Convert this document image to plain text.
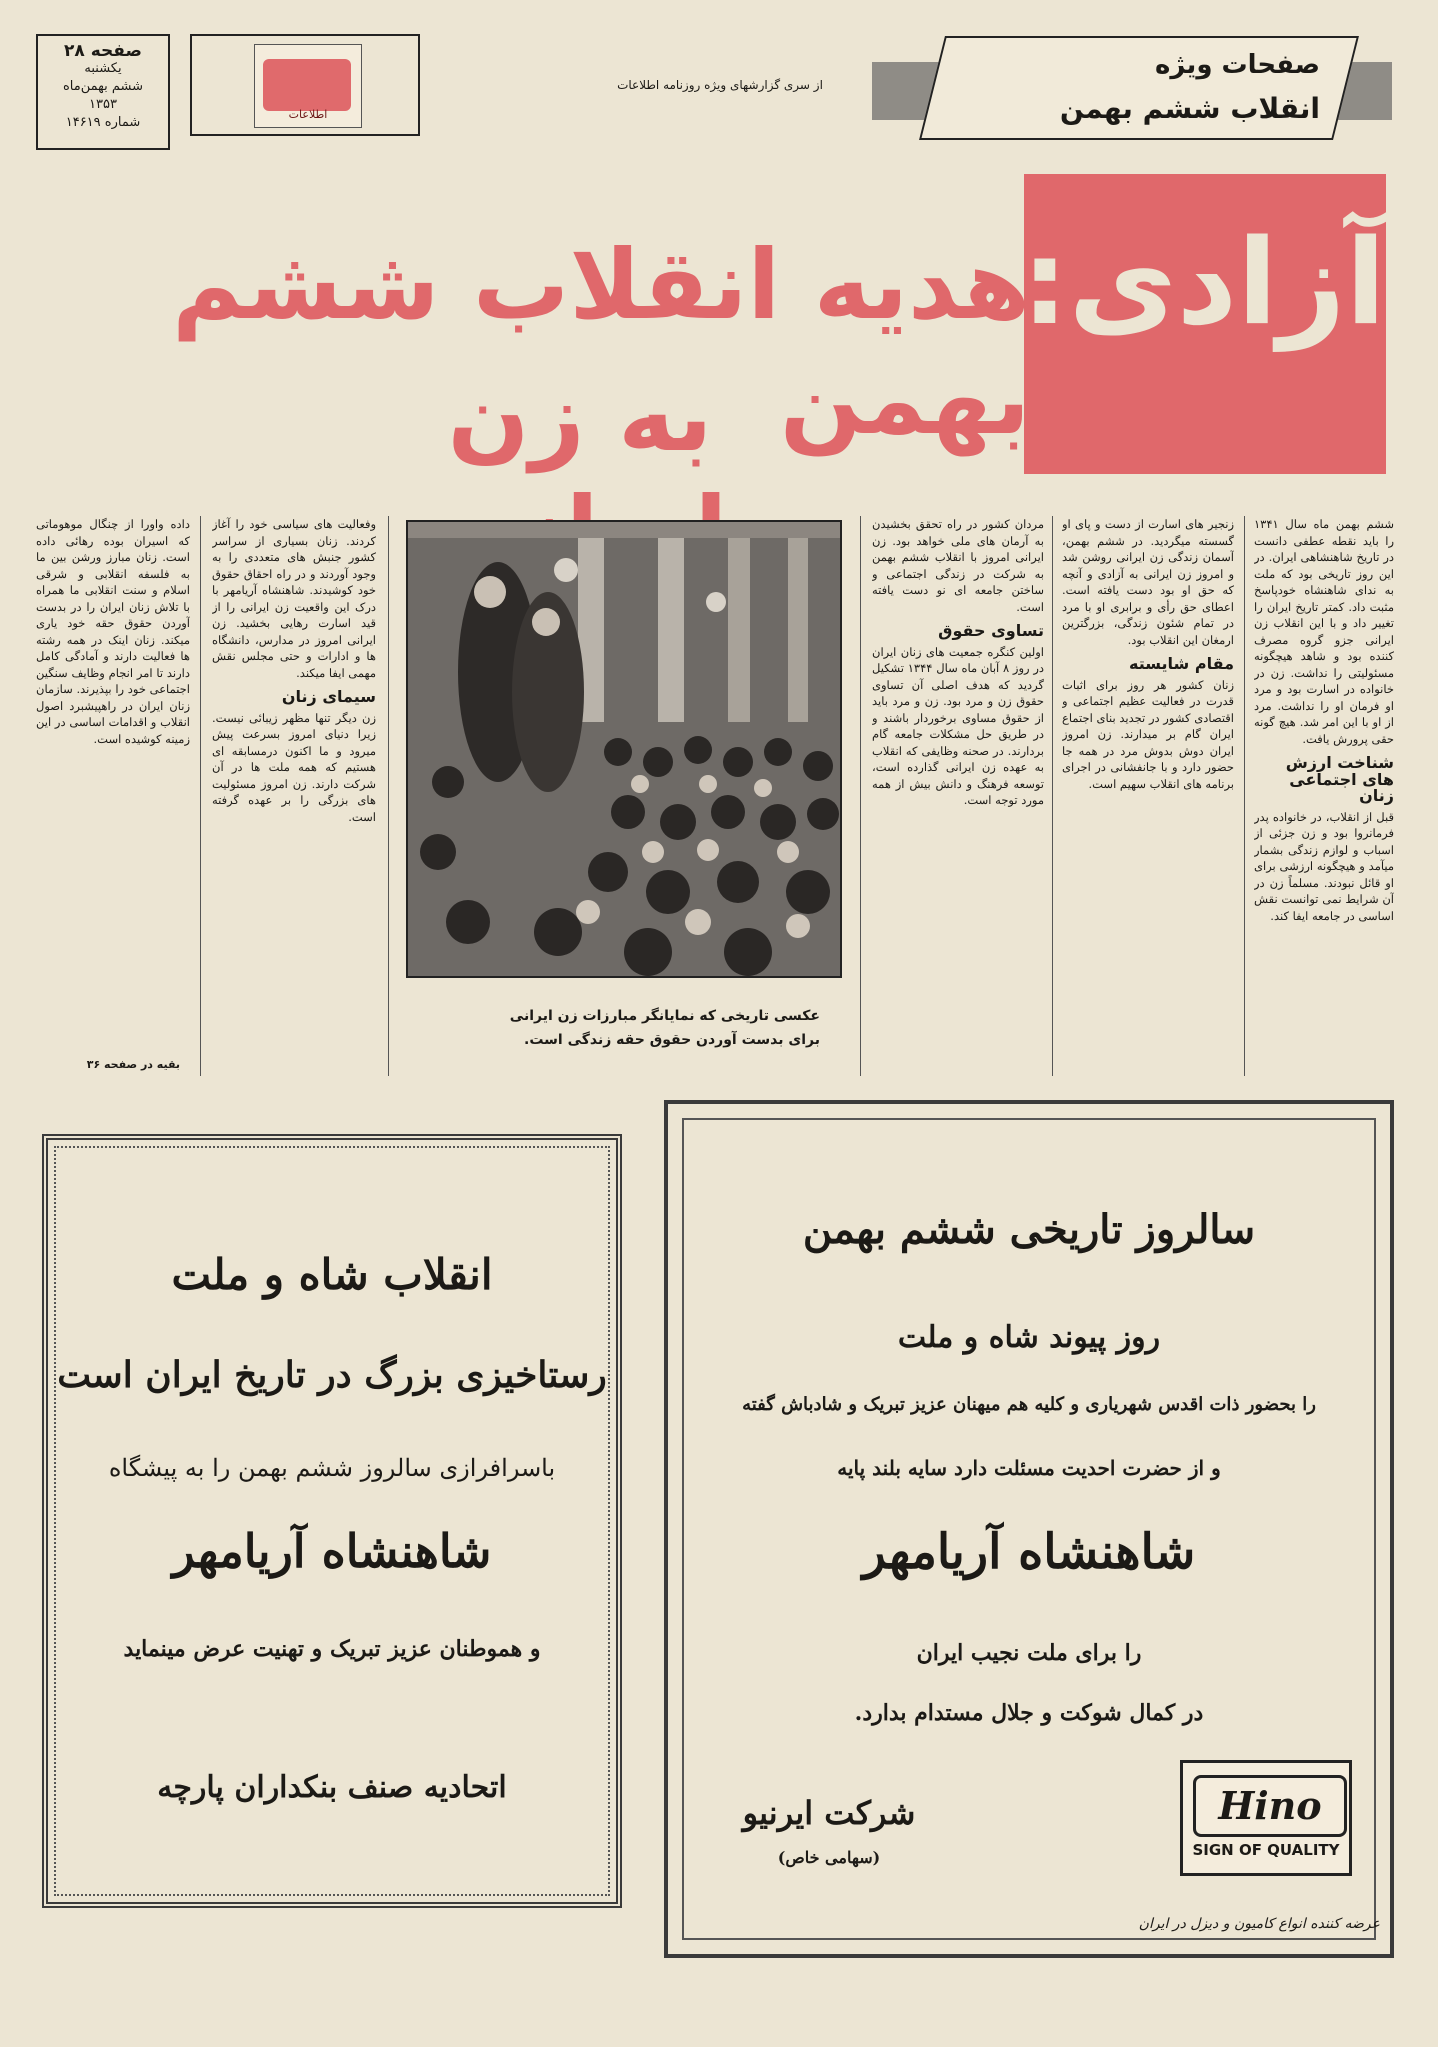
صفحه ۲۸
یکشنبه
ششم بهمن‌ماه
۱۳۵۳
شماره ۱۴۶۱۹
اطلاعات
از سری گزارشهای ویژه روزنامه اطلاعات
صفحات ویژه
انقلاب ششم بهمن
آزادی:
هدیه انقلاب ششم بهمن
به زن
ششم بهمن ماه سال ۱۳۴۱ را باید نقطه عطفی دانست در تاریخ شاهنشاهی ایران. در این روز تاریخی بود که ملت به ندای شاهنشاه خودپاسخ مثبت داد. کمتر تاریخ ایران را تغییر داد و با این انقلاب زن ایرانی جزو گروه مصرف کننده بود و شاهد هیچگونه مسئولیتی را نداشت. زن در خانواده در اسارت بود و مرد او فرمان او را نداشت. مرد از او با این امر شد. هیچ گونه حقی پرورش یافت.
شناخت ارزش های اجتماعی زنان
قبل از انقلاب، در خانواده پدر فرمانروا بود و زن جزئی از اسباب و لوازم زندگی بشمار میآمد و هیچگونه ارزشی برای او قائل نبودند. مسلماً زن در آن شرایط نمی توانست نقش اساسی در جامعه ایفا کند.
زنجیر های اسارت از دست و پای او گسسته میگردید. در ششم بهمن، آسمان زندگی زن ایرانی روشن شد و امروز زن ایرانی به آزادی و آنچه که حق او بود دست یافته است. اعطای حق رأی و برابری او با مرد در تمام شئون زندگی، بزرگترین ارمغان این انقلاب بود.
مقام شایسته
زنان کشور هر روز برای اثبات قدرت در فعالیت عظیم اجتماعی و اقتصادی کشور در تجدید بنای اجتماع ایران گام بر میدارند. زن امروز ایران دوش بدوش مرد در همه جا حضور دارد و با جانفشانی در اجرای برنامه های انقلاب سهیم است.
مردان کشور در راه تحقق بخشیدن به آرمان های ملی خواهد بود. زن ایرانی امروز با انقلاب ششم بهمن به شرکت در زندگی اجتماعی و ساختن جامعه ای نو دست یافته است.
تساوی حقوق
اولین کنگره جمعیت های زنان ایران در روز ۸ آبان ماه سال ۱۳۴۴ تشکیل گردید که هدف اصلی آن تساوی حقوق زن و مرد بود. زن و مرد باید از حقوق مساوی برخوردار باشند و در طریق حل مشکلات جامعه گام بردارند. در صحنه وظایفی که انقلاب به عهده زن ایرانی گذارده است، توسعه فرهنگ و دانش بیش از همه مورد توجه است.
عکسی تاریخی که نمایانگر مبارزات زن ایرانی
برای بدست آوردن حقوق حقه زندگی است.
وفعالیت های سیاسی خود را آغاز کردند. زنان بسیاری از سراسر کشور جنبش های متعددی را به وجود آوردند و در راه احقاق حقوق خود کوشیدند. شاهنشاه آریامهر با درک این واقعیت زن ایرانی را از قید اسارت رهایی بخشید. زن ایرانی امروز در مدارس، دانشگاه ها و ادارات و حتی مجلس نقش مهمی ایفا میکند.
سیمای زنان
زن دیگر تنها مظهر زیبائی نیست. زیرا دنیای امروز بسرعت پیش میرود و ما اکنون درمسابقه ای هستیم که همه ملت ها در آن شرکت دارند. زن امروز مسئولیت های بزرگی را بر عهده گرفته است.
داده واورا از چنگال موهوماتی که اسیران بوده رهائی داده است. زنان مبارز ورشن بین ما به فلسفه انقلابی و شرقی اسلام و سنت انقلابی ما همراه با تلاش زنان ایران را در بدست آوردن حقوق حقه خود یاری میکند. زنان اینک در همه رشته ها فعالیت دارند و آمادگی کامل دارند تا امر انجام وظایف سنگین اجتماعی خود را بپذیرند. سازمان زنان ایران در راهپیشبرد اصول انقلاب و اقدامات اساسی در این زمینه کوشیده است.
بقیه در صفحه ۳۶
انقلاب شاه و ملت
رستاخیزی بزرگ در تاریخ ایران است
باسرافرازی سالروز ششم بهمن را به پیشگاه
شاهنشاه آریامهر
و هموطنان عزیز تبریک و تهنیت عرض مینماید
اتحادیه صنف بنکداران پارچه
سالروز تاریخی ششم بهمن
روز پیوند شاه و ملت
را بحضور ذات اقدس شهریاری و کلیه هم میهنان عزیز تبریک و شادباش گفته
و از حضرت احدیت مسئلت دارد سایه بلند پایه
شاهنشاه آریامهر
را برای ملت نجیب ایران
در کمال شوکت و جلال مستدام بدارد.
شرکت ایرنیو
(سهامی خاص)
Hino
SIGN OF QUALITY
عرضه کننده انواع کامیون و دیزل در ایران
